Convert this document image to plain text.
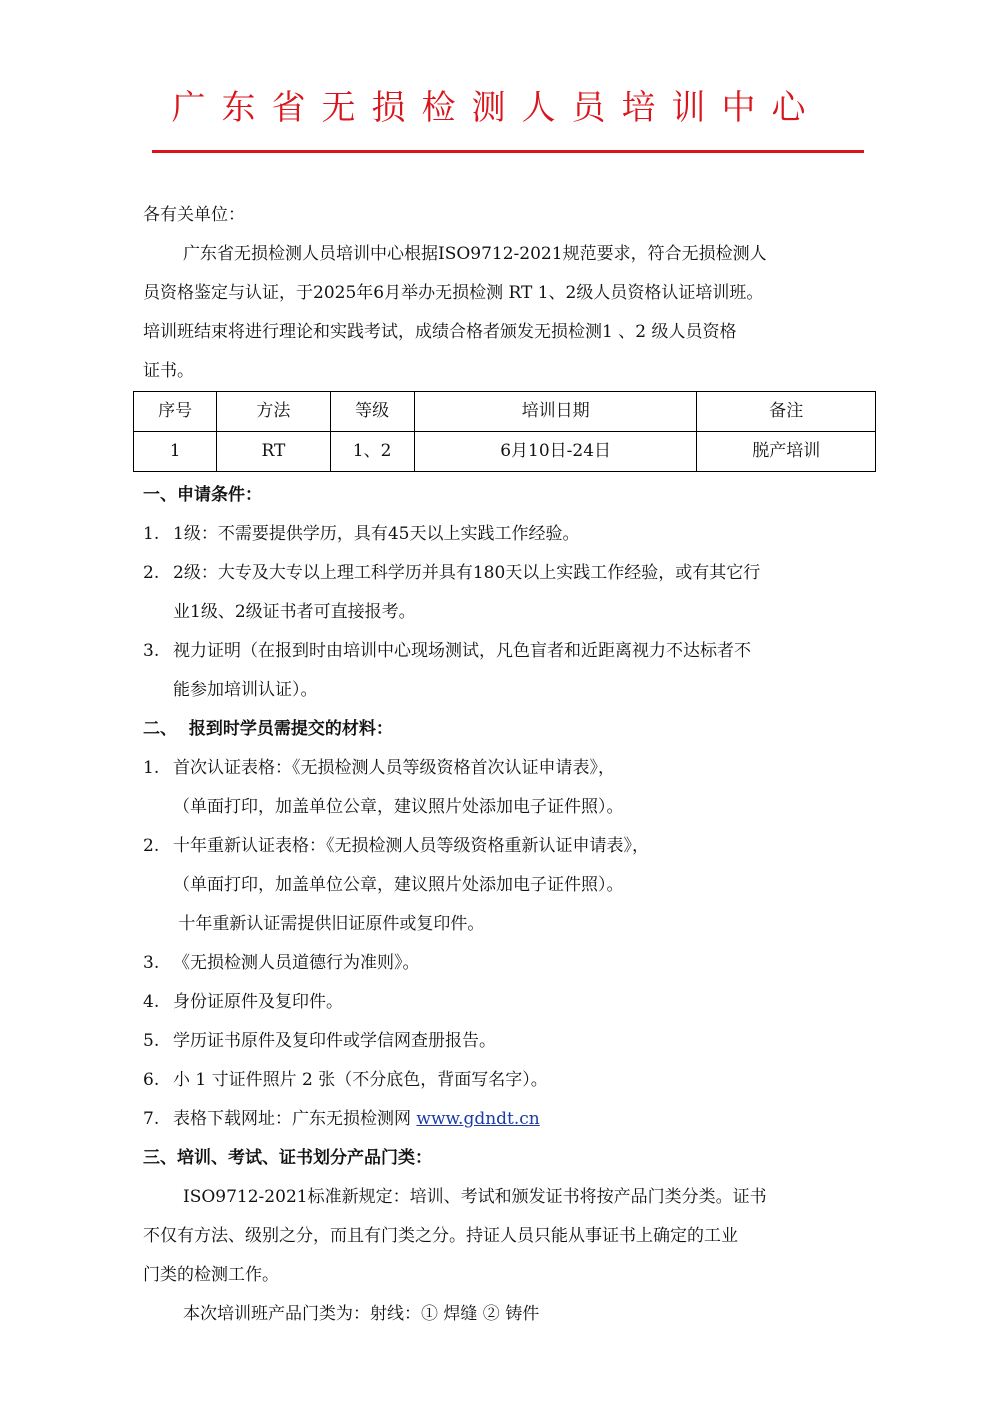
广东省无损检测人员培训中心

各有关单位：

广东省无损检测人员培训中心根据ISO9712-2021规范要求，符合无损检测人

员资格鉴定与认证，于2025年6月举办无损检测 RT 1、2级人员资格认证培训班。

培训班结束将进行理论和实践考试，成绩合格者颁发无损检测1 、2 级人员资格

证书。

序号	方法	等级	培训日期	备注
1	RT	1、2	6月10日-24日	脱产培训

一、申请条件：

1. 1级：不需要提供学历，具有45天以上实践工作经验。

2. 2级：大专及大专以上理工科学历并具有180天以上实践工作经验，或有其它行

业1级、2级证书者可直接报考。

3. 视力证明（在报到时由培训中心现场测试，凡色盲者和近距离视力不达标者不

能参加培训认证）。

二、  报到时学员需提交的材料：

1. 首次认证表格：《无损检测人员等级资格首次认证申请表》，

（单面打印，加盖单位公章，建议照片处添加电子证件照）。

2. 十年重新认证表格：《无损检测人员等级资格重新认证申请表》，

（单面打印，加盖单位公章，建议照片处添加电子证件照）。

十年重新认证需提供旧证原件或复印件。

3. 《无损检测人员道德行为准则》。

4. 身份证原件及复印件。

5. 学历证书原件及复印件或学信网查册报告。

6. 小 1 寸证件照片 2 张（不分底色，背面写名字）。

7. 表格下载网址：广东无损检测网 www.gdndt.cn

三、培训、考试、证书划分产品门类：

ISO9712-2021标准新规定：培训、考试和颁发证书将按产品门类分类。证书

不仅有方法、级别之分，而且有门类之分。持证人员只能从事证书上确定的工业

门类的检测工作。

本次培训班产品门类为：射线：① 焊缝 ② 铸件
